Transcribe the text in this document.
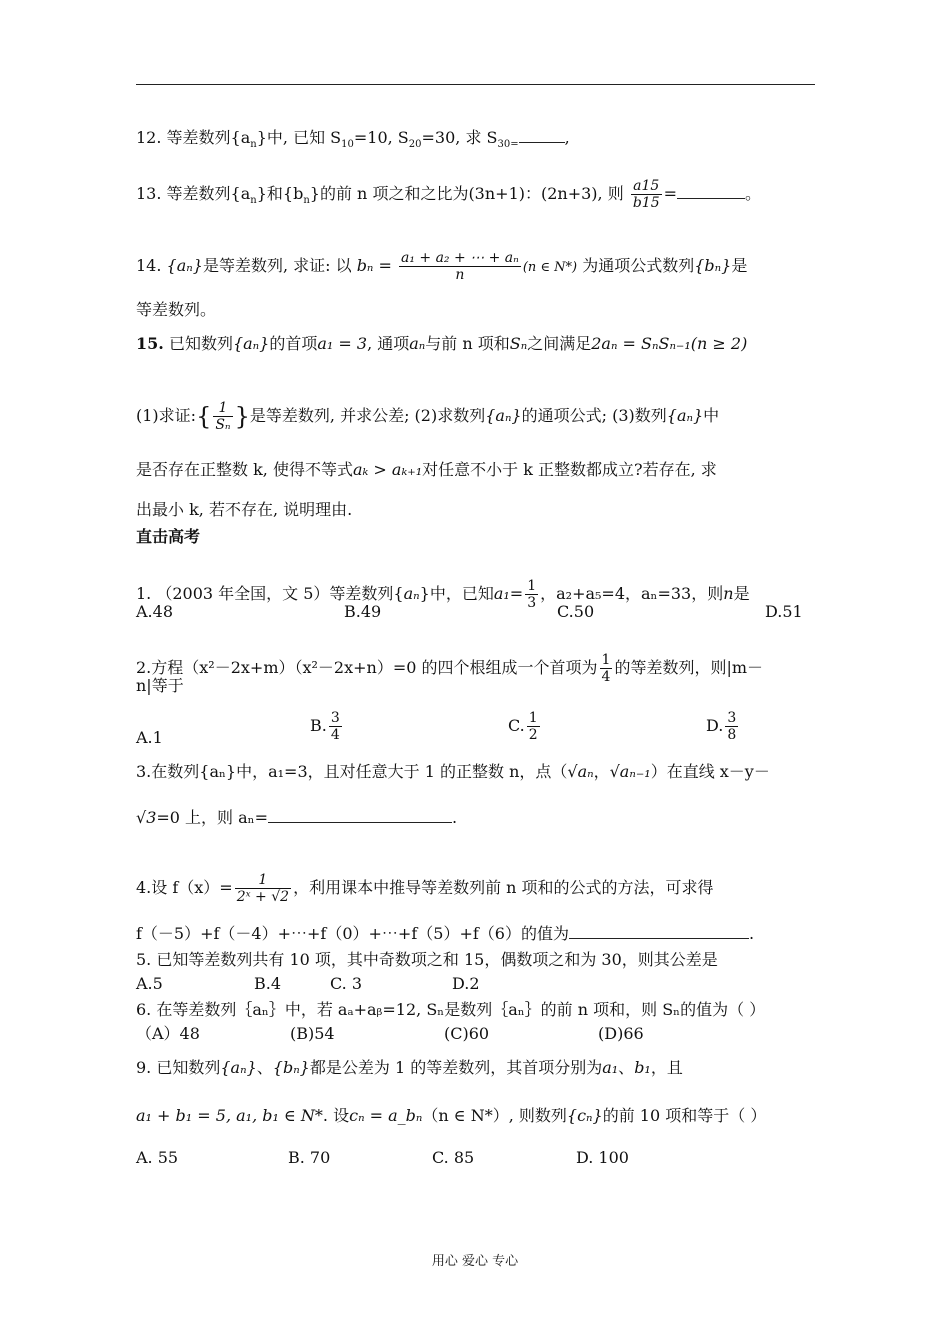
12. 等差数列$\{a_n\}$中, 已知 $S_{10}=10$, $S_{20}=30$, 求 $S_{30=}$	,
13. 等差数列$\{a_n\}$和$\{b_n\}$的前 n 项之和之比为(3n+1)：(2n+3), 则 $\frac{a15}{b15}$ =	。
14. {aₙ}是等差数列, 求证: 以 $b_n = \frac{\text{a₁ + a₂ + ⋯ + aₙ}}{n} (n$ ∈ N*) 为通项公式数列{bₙ}是
等差数列。
15. 已知数列{aₙ}的首项a₁ = 3, 通项aₙ与前 n 项和Sₙ之间满足2aₙ = SₙSₙ₋₁(n ≥ 2)
(1)求证:{ $\frac{1}{\text{Sₙ}}$ }是等差数列, 并求公差; (2)求数列{aₙ}的通项公式; (3)数列{aₙ}中
是否存在正整数 k, 使得不等式aₖ > aₖ₊₁对任意不小于 k 正整数都成立?若存在, 求
出最小 k, 若不存在, 说明理由.
直击高考
1. （2003 年全国，文 5）等差数列{aₙ}中，已知$a_1= \frac{1}{3}$ ，a₂+a₅=4，aₙ=33，则n是
A.48	B.49	C.50	D.51
2.方程（x²－2x+m）（x²－2x+n）=0 的四个根组成一个首项为 $\frac{1}{4}$ 的等差数列，则|m－
n|等于
A.1
B. $\frac{3}{4}$	C. $\frac{1}{2}$	D. $\frac{3}{8}$
3.在数列{aₙ}中，a₁=3，且对任意大于 1 的正整数 n，点（√aₙ，√aₙ₋₁）在直线 x－y－
√3=0 上，则 aₙ=	.
4.设 $f(x)= \frac{1}{\text{2ˣ + √2}}$ ，利用课本中推导等差数列前 n 项和的公式的方法，可求得
f（－5）+f（－4）+⋯+f（0）+⋯+f（5）+f（6）的值为	.
5. 已知等差数列共有 10 项，其中奇数项之和 15，偶数项之和为 30，则其公差是
A.5	B.4	C. 3	D.2
6. 在等差数列｛aₙ｝中，若 aₐ+aᵦ=12, Sₙ是数列｛aₙ｝的前 n 项和，则 Sₙ的值为（ ）
（A）48	(B)54	(C)60	(D)66
9. 已知数列{aₙ}、{bₙ}都是公差为 1 的等差数列，其首项分别为a₁、b₁，且
a₁ + b₁ = 5, a₁, b₁ ∈ N*. 设cₙ = a_bₙ（n ∈ N*）, 则数列{cₙ}的前 10 项和等于（ ）
A. 55	B. 70	C. 85	D. 100
用心 爱心 专心
